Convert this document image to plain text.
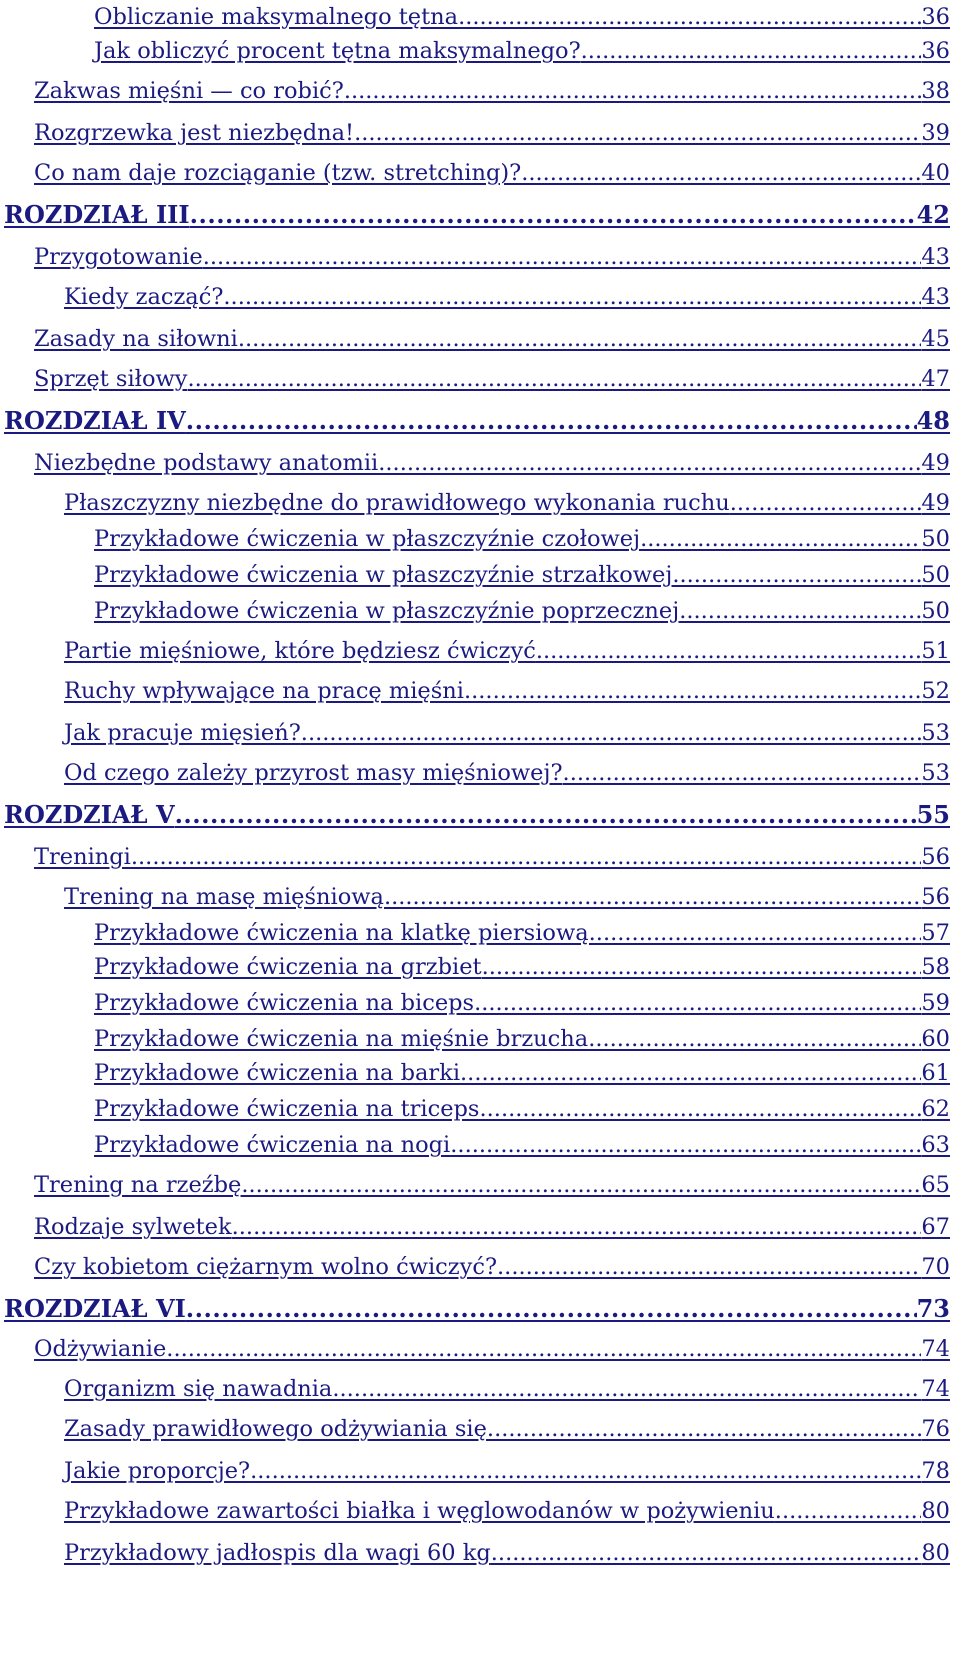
Obliczanie maksymalnego tętna .....	36
Jak obliczyć procent tętna maksymalnego? .....	36
Zakwas mięśni — co robić? .....	38
Rozgrzewka jest niezbędna! .....	39
Co nam daje rozciąganie (tzw. stretching)? .....	40
ROZDZIAŁ III .....	42
Przygotowanie .....	43
Kiedy zacząć? .....	43
Zasady na siłowni .....	45
Sprzęt siłowy .....	47
ROZDZIAŁ IV .....	48
Niezbędne podstawy anatomii .....	49
Płaszczyzny niezbędne do prawidłowego wykonania ruchu .....	49
Przykładowe ćwiczenia w płaszczyźnie czołowej .....	50
Przykładowe ćwiczenia w płaszczyźnie strzałkowej .....	50
Przykładowe ćwiczenia w płaszczyźnie poprzecznej .....	50
Partie mięśniowe, które będziesz ćwiczyć .....	51
Ruchy wpływające na pracę mięśni .....	52
Jak pracuje mięsień? .....	53
Od czego zależy przyrost masy mięśniowej? .....	53
ROZDZIAŁ V .....	55
Treningi .....	56
Trening na masę mięśniową .....	56
Przykładowe ćwiczenia na klatkę piersiową .....	57
Przykładowe ćwiczenia na grzbiet .....	58
Przykładowe ćwiczenia na biceps .....	59
Przykładowe ćwiczenia na mięśnie brzucha .....	60
Przykładowe ćwiczenia na barki .....	61
Przykładowe ćwiczenia na triceps .....	62
Przykładowe ćwiczenia na nogi .....	63
Trening na rzeźbę .....	65
Rodzaje sylwetek .....	67
Czy kobietom ciężarnym wolno ćwiczyć? .....	70
ROZDZIAŁ VI .....	73
Odżywianie .....	74
Organizm się nawadnia .....	74
Zasady prawidłowego odżywiania się .....	76
Jakie proporcje? .....	78
Przykładowe zawartości białka i węglowodanów w pożywieniu .....	80
Przykładowy jadłospis dla wagi 60 kg .....	80
